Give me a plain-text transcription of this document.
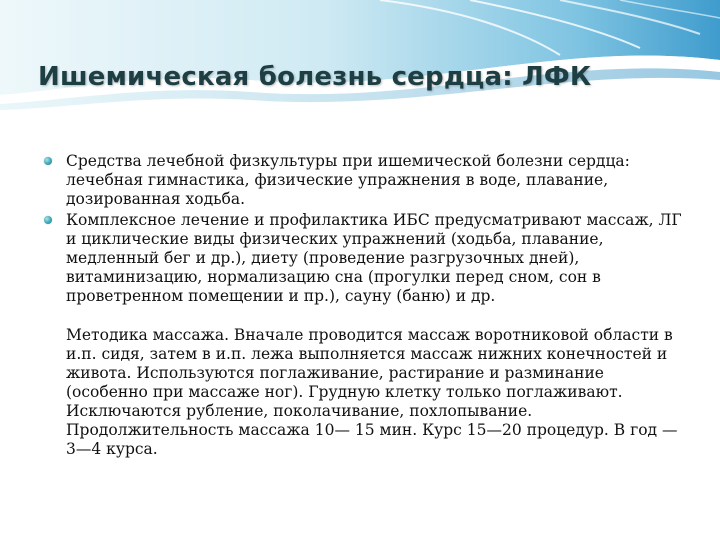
Ишемическая болезнь сердца: ЛФК
Средства лечебной физкультуры при ишемической болезни сердца: лечебная гимнастика, физические упражнения в воде, плавание, дозированная ходьба.
Комплексное лечение и профилактика ИБС предусматривают массаж, ЛГ и циклические виды физических упражнений (ходьба, плавание, медленный бег и др.), диету (проведение разгрузочных дней), витаминизацию, нормализацию сна (прогулки перед сном, сон в проветренном помещении и пр.), сауну (баню) и др.

Методика массажа. Вначале проводится массаж воротниковой области в и.п. сидя, затем в и.п. лежа выполняется массаж нижних конечностей и живота. Используются поглаживание, растирание и разминание (особенно при массаже ног). Грудную клетку только поглаживают. Исключаются рубление, поколачивание, похлопывание. Продолжительность массажа 10— 15 мин. Курс 15—20 процедур. В год — 3—4 курса.
